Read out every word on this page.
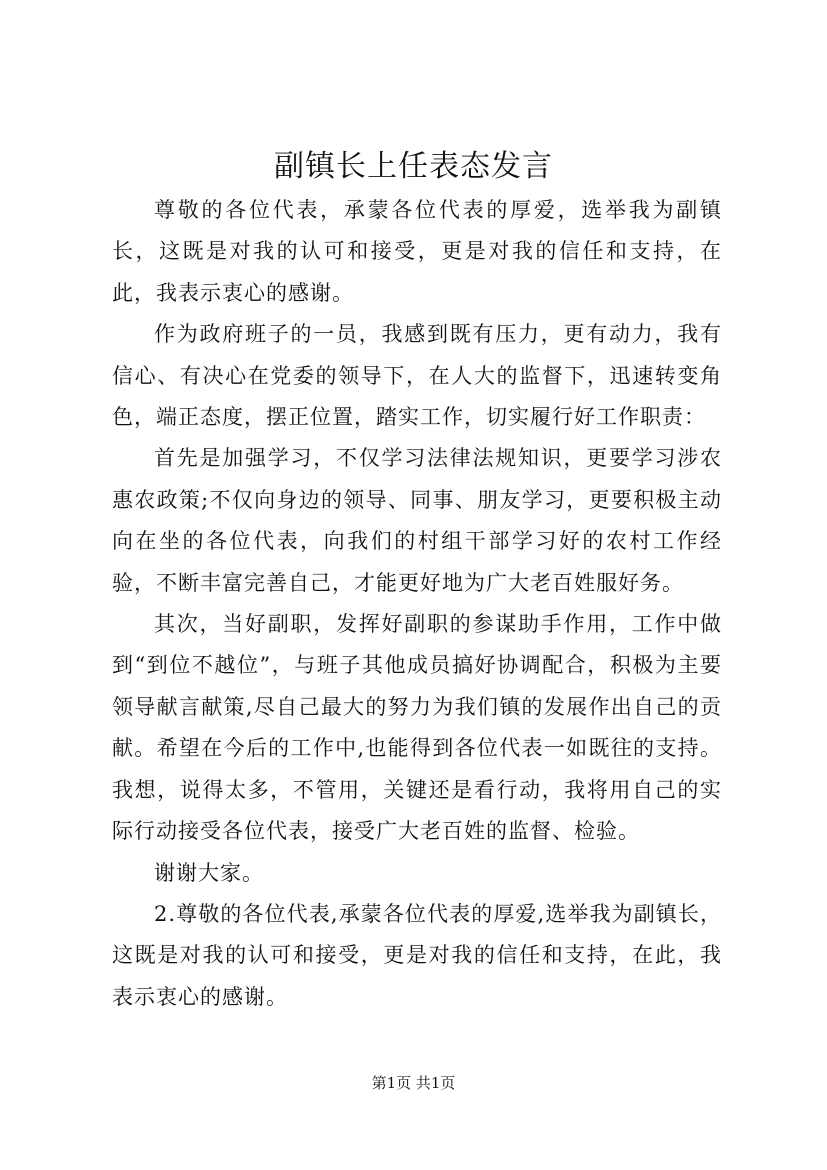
副镇长上任表态发言

尊敬的各位代表，承蒙各位代表的厚爱，选举我为副镇长，这既是对我的认可和接受，更是对我的信任和支持，在此，我表示衷心的感谢。

作为政府班子的一员，我感到既有压力，更有动力，我有信心、有决心在党委的领导下，在人大的监督下，迅速转变角色，端正态度，摆正位置，踏实工作，切实履行好工作职责：

首先是加强学习，不仅学习法律法规知识，更要学习涉农惠农政策;不仅向身边的领导、同事、朋友学习，更要积极主动向在坐的各位代表，向我们的村组干部学习好的农村工作经验，不断丰富完善自己，才能更好地为广大老百姓服好务。

其次，当好副职，发挥好副职的参谋助手作用，工作中做到“到位不越位”，与班子其他成员搞好协调配合，积极为主要领导献言献策,尽自己最大的努力为我们镇的发展作出自己的贡献。希望在今后的工作中,也能得到各位代表一如既往的支持。我想，说得太多，不管用，关键还是看行动，我将用自己的实际行动接受各位代表，接受广大老百姓的监督、检验。

谢谢大家。

2.尊敬的各位代表,承蒙各位代表的厚爱,选举我为副镇长，这既是对我的认可和接受，更是对我的信任和支持，在此，我表示衷心的感谢。

第1页 共1页
